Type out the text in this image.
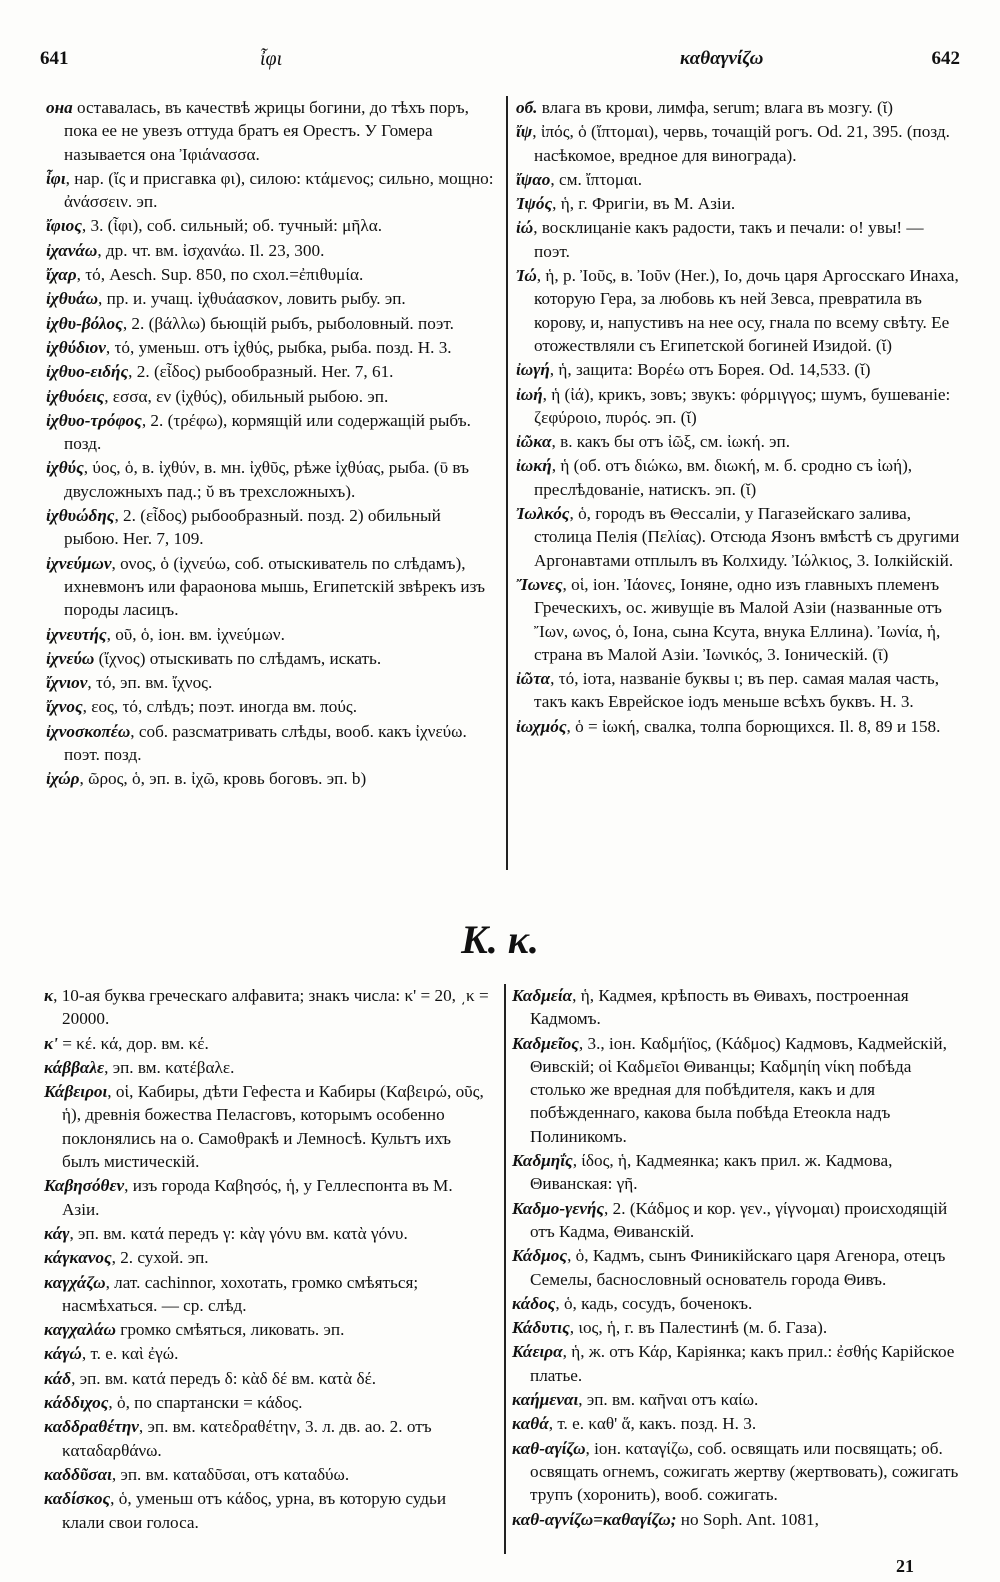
641	ἶφι	καθαγνίζω	642

она оставалась, въ качествѣ жрицы богини, до тѣхъ поръ, пока ее не увезъ оттуда братъ ея Орестъ. У Гомера называется она Ἰφιάνασσα.

ἶφι, нар. (ἴς и присгавка φι), силою: κτάμενος; сильно, мощно: ἀνάσσειν. эп.

ἴφιος, 3. (ἶφι), соб. сильный; об. тучный: μῆλα.

ἰχανάω, др. чт. вм. ἰσχανάω. Il. 23, 300.

ἴχαρ, τό, Aesch. Sup. 850, по схол.=ἐπιθυμία.

ἰχθυάω, пр. и. учащ. ἰχθυάασκον, ловить рыбу. эп.

ἰχθυ-βόλος, 2. (βάλλω) бьющій рыбъ, рыболовный. поэт.

ἰχθύδιον, τό, уменьш. отъ ἰχθύς, рыбка, рыба. позд. H. 3.

ἰχθυο-ειδής, 2. (εἶδος) рыбообразный. Her. 7, 61.

ἰχθυόεις, εσσα, εν (ἰχθύς), обильный рыбою. эп.

ἰχθυο-τρόφος, 2. (τρέφω), кормящій или содержащій рыбъ. позд.

ἰχθύς, ύος, ὁ, в. ἰχθύν, в. мн. ἰχθῦς, рѣже ἰχθύας, рыба. (ῡ въ двусложныхъ пад.; ῠ въ трехсложныхъ).

ἰχθυώδης, 2. (εἶδος) рыбообразный. позд. 2) обильный рыбою. Her. 7, 109.

ἰχνεύμων, ονος, ὁ (ἰχνεύω, соб. отыскиватель по слѣдамъ), ихневмонъ или фараонова мышь, Египетскій звѣрекъ изъ породы ласицъ.

ἰχνευτής, οῦ, ὁ, іон. вм. ἰχνεύμων.

ἰχνεύω (ἴχνος) отыскивать по слѣдамъ, искать.

ἴχνιον, τό, эп. вм. ἴχνος.

ἴχνος, εος, τό, слѣдъ; поэт. иногда вм. πούς.

ἰχνοσκοπέω, соб. разсматривать слѣды, вооб. какъ ἰχνεύω. поэт. позд.

ἰχώρ, ῶρος, ὁ, эп. в. ἰχῶ, кровь боговъ. эп. b)

об. влага въ крови, лимфа, serum; влага въ мозгу. (ῐ)

ἴψ, ἰπός, ὁ (ἴπτομαι), червь, точащій рогъ. Od. 21, 395. (позд. насѣкомое, вредное для винограда).

ἴψαο, см. ἴπτομαι.

Ἰψός, ἡ, г. Фригіи, въ М. Азіи.

ἰώ, восклицаніе какъ радости, такъ и печали: о! увы! — поэт.

Ἰώ, ἡ, р. Ἰοῦς, в. Ἰοῦν (Her.), Io, дочь царя Аргосскаго Инаха, которую Гера, за любовь къ ней Зевса, превратила въ корову, и, напустивъ на нее осу, гнала по всему свѣту. Ее отожествляли съ Египетской богиней Изидой. (ῐ)

ἰωγή, ἡ, защита: Βορέω отъ Борея. Od. 14,533. (ῐ)

ἰωή, ἡ (ἰά), крикъ, зовъ; звукъ: φόρμιγγος; шумъ, бушеваніе: ζεφύροιο, πυρός. эп. (ῐ)

ἰῶκα, в. какъ бы отъ ἰῶξ, см. ἰωκή. эп.

ἰωκή, ἡ (об. отъ διώκω, вм. διωκή, м. б. сродно съ ἰωή), преслѣдованіе, натискъ. эп. (ῐ)

Ἰωλκός, ὁ, городъ въ Θессаліи, у Пагазейскаго залива, столица Пелія (Πελίας). Отсюда Язонъ вмѣстѣ съ другими Аргонавтами отплылъ въ Колхиду. Ἰώλκιος, 3. Іолкійскій.

Ἴωνες, οἱ, іон. Ἰάονες, Іоняне, одно изъ главныхъ племенъ Греческихъ, ос. живущіе въ Малой Азіи (названные отъ Ἴων, ωνος, ὁ, Іона, сына Ксута, внука Еллина). Ἰωνία, ἡ, страна въ Малой Азіи. Ἰωνικός, 3. Іоническій. (ῑ)

ἰῶτα, τό, іота, названіе буквы ι; въ пер. самая малая часть, такъ какъ Еврейское іодъ меньше всѣхъ буквъ. H. 3.

ἰωχμός, ὁ = ἰωκή, свалка, толпа борющихся. Il. 8, 89 и 158.

Κ. κ.

κ, 10-ая буква греческаго алфавита; знакъ числа: κ' = 20, ͵κ = 20000.

κ' = κέ. κά, дор. вм. κέ.

κάββαλε, эп. вм. κατέβαλε.

Κάβειροι, οἱ, Кабиры, дѣти Гефеста и Кабиры (Καβειρώ, οῦς, ἡ), древнія божества Пеласговъ, которымъ особенно поклонялись на о. Самоθракѣ и Лемносѣ. Культъ ихъ былъ мистическій.

Καβησόθεν, изъ города Καβησός, ἡ, у Геллеспонта въ М. Азіи.

κάγ, эп. вм. κατά передъ γ: κὰγ γόνυ вм. κατὰ γόνυ.

κάγκανος, 2. сухой. эп.

καγχάζω, лат. cachinnor, хохотать, громко смѣяться; насмѣхаться. — ср. слѣд.

καγχαλάω громко смѣяться, ликовать. эп.

κάγώ, т. е. καὶ ἐγώ.

κάδ, эп. вм. κατά передъ δ: κὰδ δέ вм. κατὰ δέ.

κάδδιχος, ὁ, по спартански = κάδος.

καδδραθέτην, эп. вм. κατεδραθέτην, 3. л. дв. ао. 2. отъ καταδαρθάνω.

καδδῦσαι, эп. вм. καταδῦσαι, отъ καταδύω.

καδίσκος, ὁ, уменьш отъ κάδος, урна, въ которую судьи клали свои голоса.

Καδμεία, ἡ, Кадмея, крѣпость въ Θивахъ, построенная Кадмомъ.

Καδμεῖος, 3., іон. Καδμήϊος, (Κάδμος) Кадмовъ, Кадмейскій, Θивскій; οἱ Καδμεῖοι Θиванцы; Καδμηίη νίκη побѣда столько же вредная для побѣдителя, какъ и для побѣжденнаго, какова была побѣда Етеокла надъ Полиникомъ.

Καδμηΐς, ίδος, ἡ, Кадмеянка; какъ прил. ж. Кадмова, Θиванская: γῆ.

Καδμο-γενής, 2. (Κάδμος и кор. γεν., γίγνομαι) происходящій отъ Кадма, Θиванскій.

Κάδμος, ὁ, Кадмъ, сынъ Финикійскаго царя Агенора, отецъ Семелы, баснословный основатель города Θивъ.

κάδος, ὁ, кадь, сосудъ, боченокъ.

Κάδυτις, ιος, ἡ, г. въ Палестинѣ (м. б. Газа).

Κάειρα, ἡ, ж. отъ Κάρ, Каріянка; какъ прил.: ἐσθής Карійское платье.

καήμεναι, эп. вм. καῆναι отъ καίω.

καθά, т. е. καθ' ἅ, какъ. позд. H. 3.

καθ-αγίζω, іон. καταγίζω, соб. освящать или посвящать; об. освящать огнемъ, сожигать жертву (жертвовать), сожигать трупъ (хоронить), вооб. сожигать.

καθ-αγνίζω=καθαγίζω; но Soph. Ant. 1081,

21
